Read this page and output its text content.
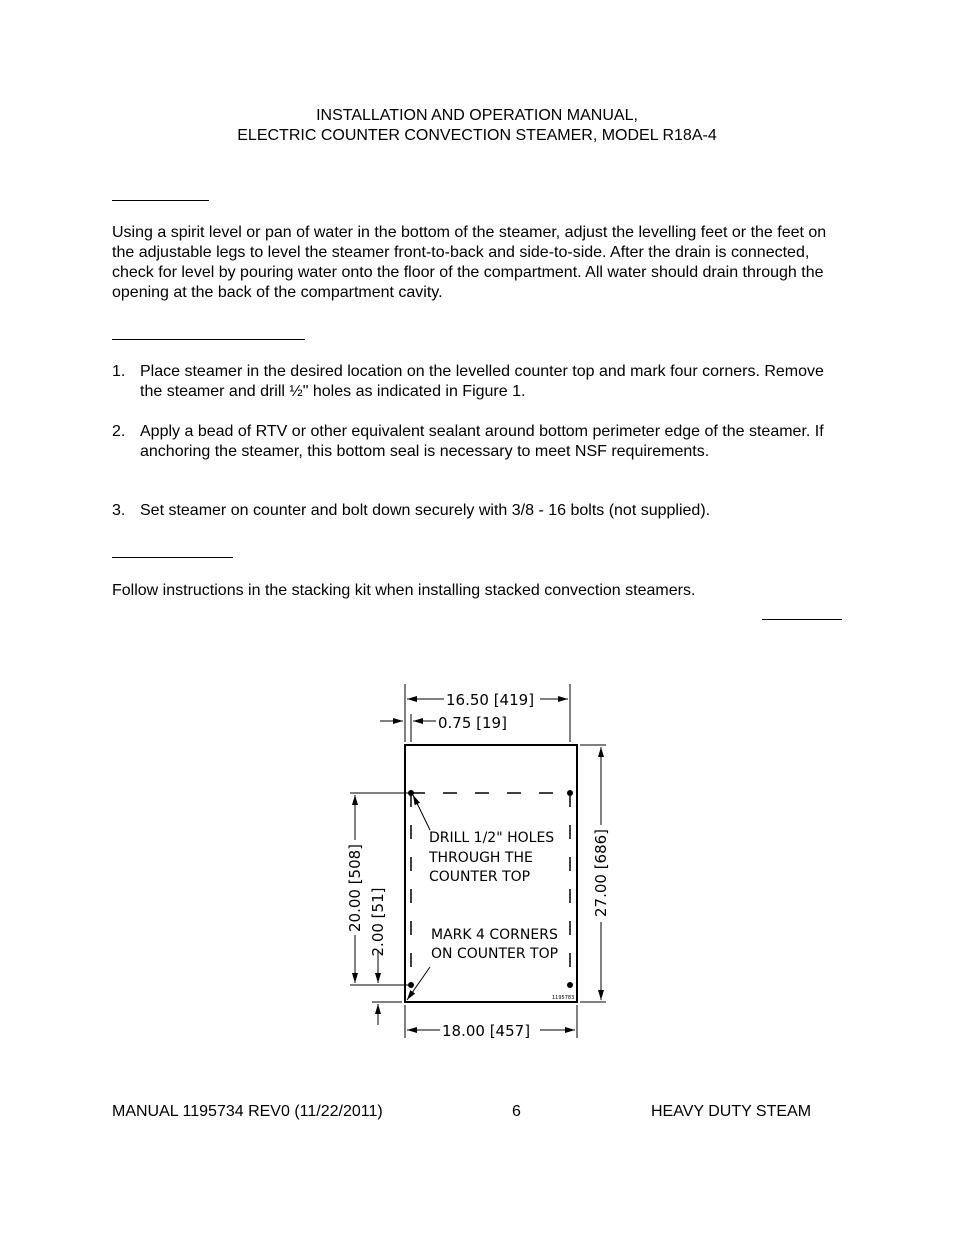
INSTALLATION AND OPERATION MANUAL,
ELECTRIC COUNTER CONVECTION STEAMER, MODEL R18A-4
Using a spirit level or pan of water in the bottom of the steamer, adjust the levelling feet or the feet on the adjustable legs to level the steamer front-to-back and side-to-side. After the drain is connected, check for level by pouring water onto the floor of the compartment. All water should drain through the opening at the back of the compartment cavity.
1. Place steamer in the desired location on the levelled counter top and mark four corners. Remove the steamer and drill ½" holes as indicated in Figure 1.
2. Apply a bead of RTV or other equivalent sealant around bottom perimeter edge of the steamer. If anchoring the steamer, this bottom seal is necessary to meet NSF requirements.
3. Set steamer on counter and bolt down securely with 3/8 - 16 bolts (not supplied).
Follow instructions in the stacking kit when installing stacked convection steamers.
16.50 [419]
0.75 [19]
18.00 [457]
27.00 [686]
20.00 [508] 2.00 [51]
DRILL 1/2" HOLES
THROUGH THE
COUNTER TOP
MARK 4 CORNERS
ON COUNTER TOP
1195783
MANUAL 1195734 REV0 (11/22/2011)	6	HEAVY DUTY STEAM
